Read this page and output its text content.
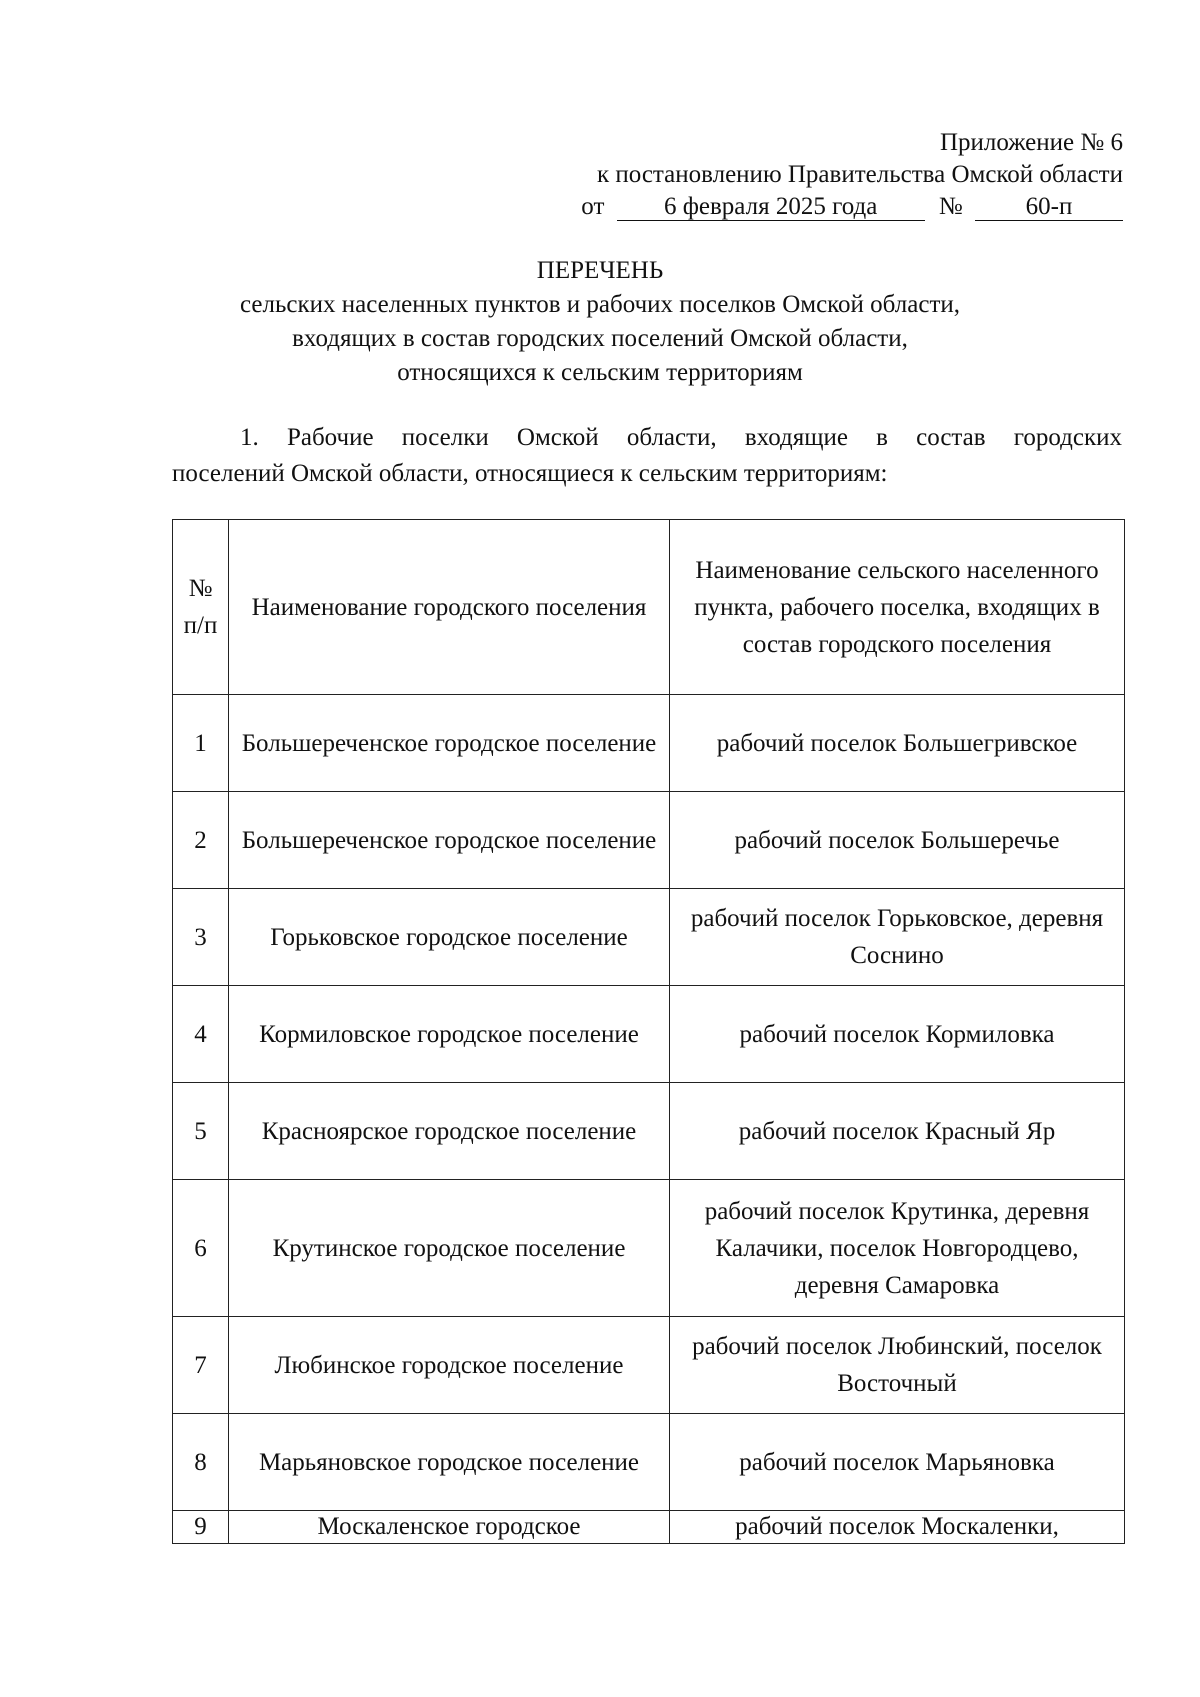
Приложение № 6
к постановлению Правительства Омской области
от 6 февраля 2025 года №	60-п
ПЕРЕЧЕНЬ
сельских населенных пунктов и рабочих поселков Омской области,
входящих в состав городских поселений Омской области,
относящихся к сельским территориям
1. Рабочие поселки Омской области, входящие в состав городских
поселений Омской области, относящиеся к сельским территориям:
№ п/п	Наименование городского поселения	Наименование сельского населенного пункта, рабочего поселка, входящих в состав городского поселения
1	Большереченское городское поселение	рабочий поселок Большегривское
2	Большереченское городское поселение	рабочий поселок Большеречье
3	Горьковское городское поселение	рабочий поселок Горьковское, деревня Соснино
4	Кормиловское городское поселение	рабочий поселок Кормиловка
5	Красноярское городское поселение	рабочий поселок Красный Яр
6	Крутинское городское поселение	рабочий поселок Крутинка, деревня Калачики, поселок Новгородцево, деревня Самаровка
7	Любинское городское поселение	рабочий поселок Любинский, поселок Восточный
8	Марьяновское городское поселение	рабочий поселок Марьяновка
9	Москаленское городское	рабочий поселок Москаленки,
